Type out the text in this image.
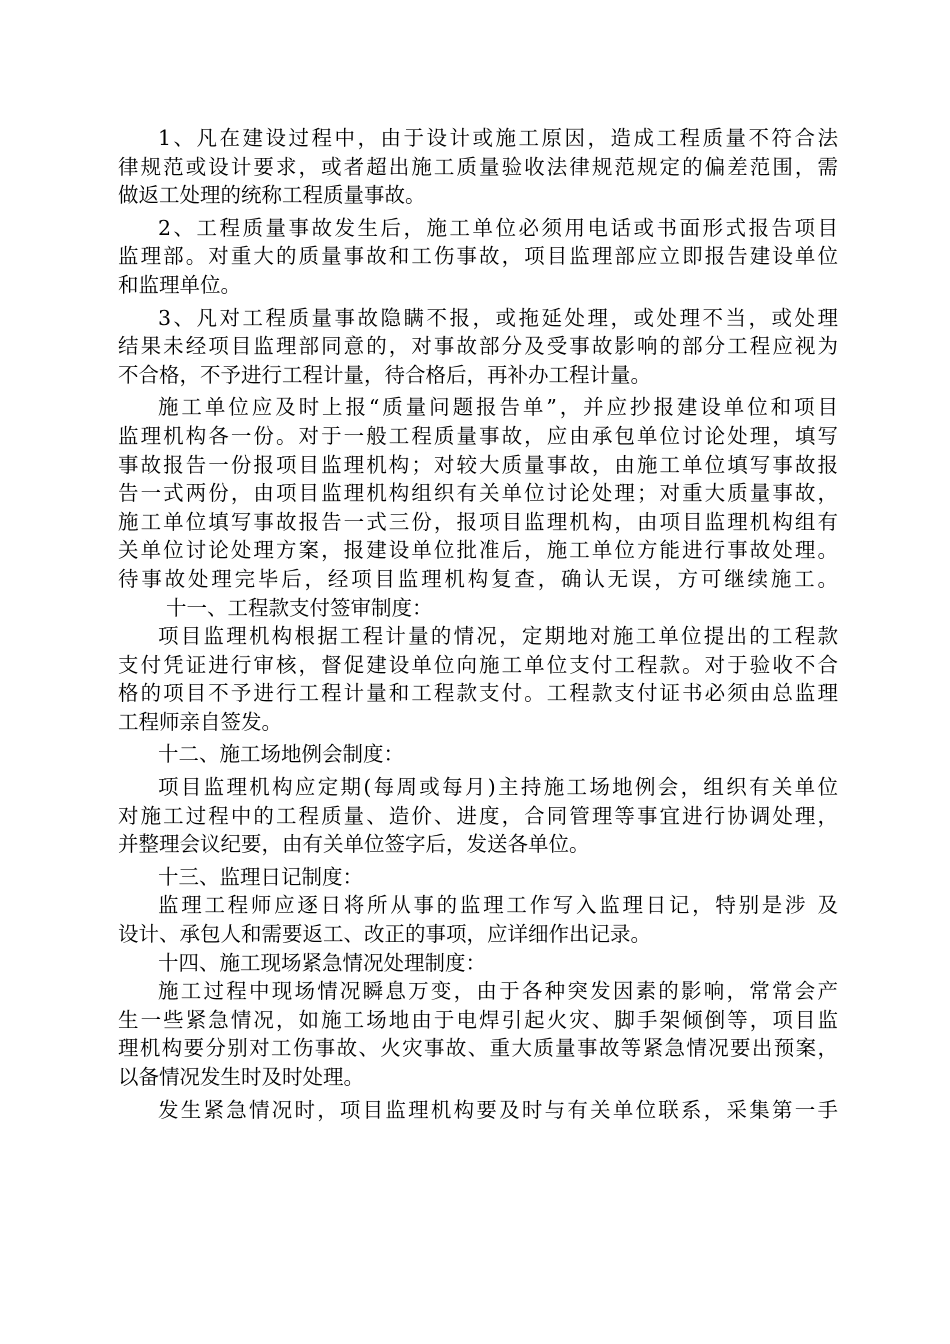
1、凡在建设过程中，由于设计或施工原因，造成工程质量不符合法
律规范或设计要求，或者超出施工质量验收法律规范规定的偏差范围，需
做返工处理的统称工程质量事故。
2、工程质量事故发生后，施工单位必须用电话或书面形式报告项目
监理部。对重大的质量事故和工伤事故，项目监理部应立即报告建设单位
和监理单位。
3、凡对工程质量事故隐瞒不报，或拖延处理，或处理不当，或处理
结果未经项目监理部同意的，对事故部分及受事故影响的部分工程应视为
不合格，不予进行工程计量，待合格后，再补办工程计量。
施工单位应及时上报“质量问题报告单”，并应抄报建设单位和项目
监理机构各一份。对于一般工程质量事故，应由承包单位讨论处理，填写
事故报告一份报项目监理机构；对较大质量事故，由施工单位填写事故报
告一式两份，由项目监理机构组织有关单位讨论处理；对重大质量事故，
施工单位填写事故报告一式三份，报项目监理机构，由项目监理机构组有
关单位讨论处理方案，报建设单位批准后，施工单位方能进行事故处理。
待事故处理完毕后，经项目监理机构复查，确认无误，方可继续施工。
十一、工程款支付签审制度：
项目监理机构根据工程计量的情况，定期地对施工单位提出的工程款
支付凭证进行审核，督促建设单位向施工单位支付工程款。对于验收不合
格的项目不予进行工程计量和工程款支付。工程款支付证书必须由总监理
工程师亲自签发。
十二、施工场地例会制度：
项目监理机构应定期(每周或每月)主持施工场地例会，组织有关单位
对施工过程中的工程质量、造价、进度，合同管理等事宜进行协调处理，
并整理会议纪要，由有关单位签字后，发送各单位。
十三、监理日记制度：
监理工程师应逐日将所从事的监理工作写入监理日记，特别是涉 及
设计、承包人和需要返工、改正的事项，应详细作出记录。
十四、施工现场紧急情况处理制度：
施工过程中现场情况瞬息万变，由于各种突发因素的影响，常常会产
生一些紧急情况，如施工场地由于电焊引起火灾、脚手架倾倒等，项目监
理机构要分别对工伤事故、火灾事故、重大质量事故等紧急情况要出预案，
以备情况发生时及时处理。
发生紧急情况时，项目监理机构要及时与有关单位联系，采集第一手
